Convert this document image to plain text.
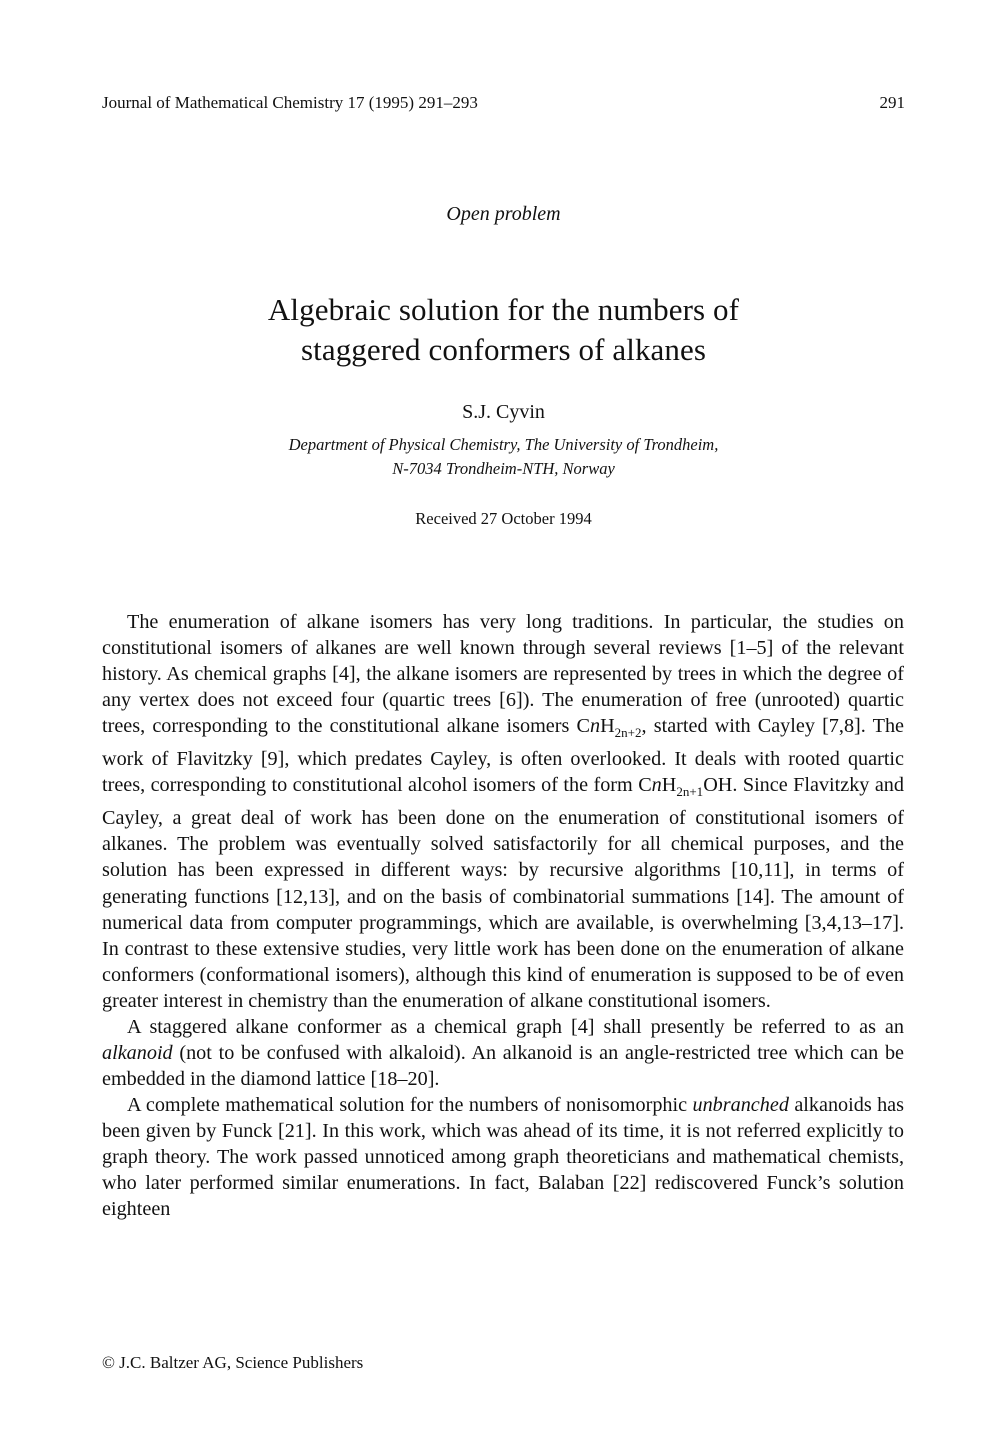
Journal of Mathematical Chemistry 17 (1995) 291–293	291
Open problem
Algebraic solution for the numbers of
staggered conformers of alkanes
S.J. Cyvin
Department of Physical Chemistry, The University of Trondheim,
N-7034 Trondheim-NTH, Norway
Received 27 October 1994

The enumeration of alkane isomers has very long traditions. In particular, the studies on constitutional isomers of alkanes are well known through several reviews [1–5] of the relevant history. As chemical graphs [4], the alkane isomers are represented by trees in which the degree of any vertex does not exceed four (quartic trees [6]). The enumeration of free (unrooted) quartic trees, corresponding to the constitutional alkane isomers CnH$_{2n+2}$, started with Cayley [7,8]. The work of Flavitzky [9], which predates Cayley, is often overlooked. It deals with rooted quartic trees, corresponding to constitutional alcohol isomers of the form CnH$_{2n+1}$OH. Since Flavitzky and Cayley, a great deal of work has been done on the enumeration of constitutional isomers of alkanes. The problem was eventually solved satisfactorily for all chemical purposes, and the solution has been expressed in different ways: by recursive algorithms [10,11], in terms of generating functions [12,13], and on the basis of combinatorial summations [14]. The amount of numerical data from computer programmings, which are available, is overwhelming [3,4,13–17]. In contrast to these extensive studies, very little work has been done on the enumeration of alkane conformers (conformational isomers), although this kind of enumeration is supposed to be of even greater interest in chemistry than the enumeration of alkane constitutional isomers.

A staggered alkane conformer as a chemical graph [4] shall presently be referred to as an alkanoid (not to be confused with alkaloid). An alkanoid is an angle-restricted tree which can be embedded in the diamond lattice [18–20].

A complete mathematical solution for the numbers of nonisomorphic unbranched alkanoids has been given by Funck [21]. In this work, which was ahead of its time, it is not referred explicitly to graph theory. The work passed unnoticed among graph theoreticians and mathematical chemists, who later performed similar enumerations. In fact, Balaban [22] rediscovered Funck’s solution eighteen

© J.C. Baltzer AG, Science Publishers
